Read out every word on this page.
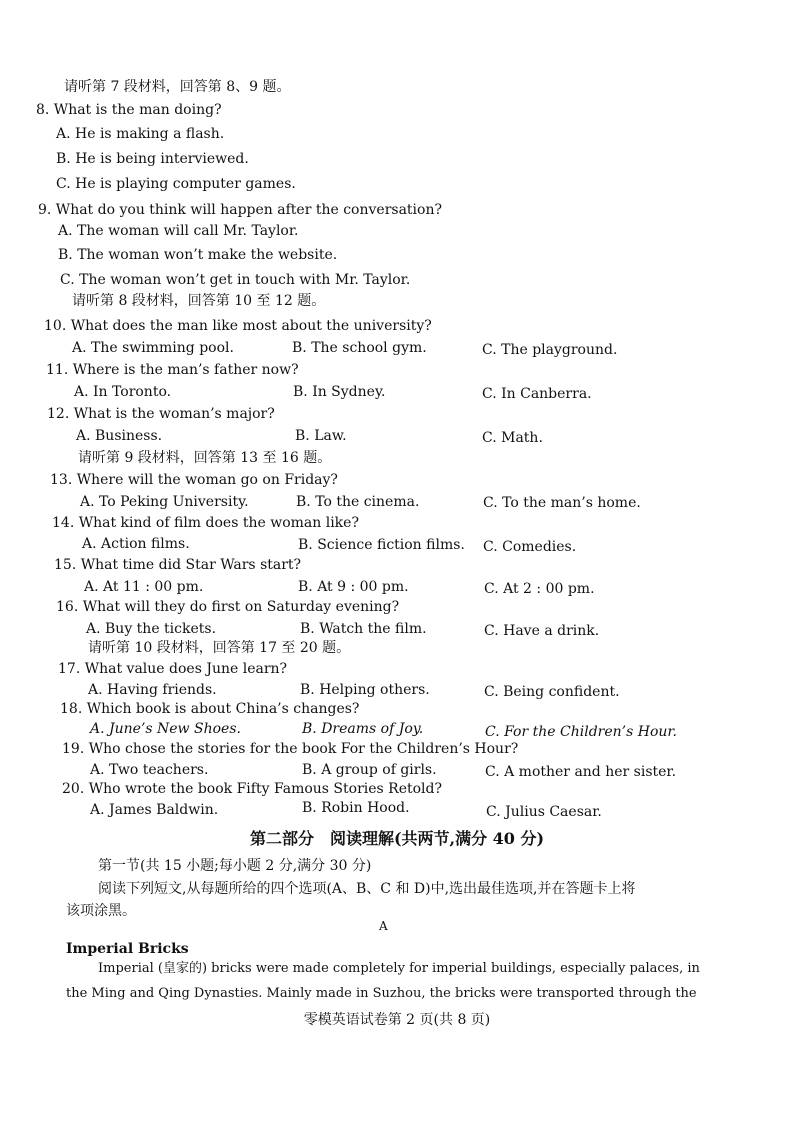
请听第 7 段材料，回答第 8、9 题。
8. What is the man doing?
A. He is making a flash.
B. He is being interviewed.
C. He is playing computer games.
9. What do you think will happen after the conversation?
A. The woman will call Mr. Taylor.
B. The woman won’t make the website.
C. The woman won’t get in touch with Mr. Taylor.
请听第 8 段材料，回答第 10 至 12 题。
10. What does the man like most about the university?
A. The swimming pool.	B. The school gym.	C. The playground.
11. Where is the man’s father now?
A. In Toronto.	B. In Sydney.	C. In Canberra.
12. What is the woman’s major?
A. Business.	B. Law.	C. Math.
请听第 9 段材料，回答第 13 至 16 题。
13. Where will the woman go on Friday?
A. To Peking University.	B. To the cinema.	C. To the man’s home.
14. What kind of film does the woman like?
A. Action films.	B. Science fiction films. C. Comedies.
15. What time did Star Wars start?
A. At 11 : 00 pm.	B. At 9 : 00 pm.	C. At 2 : 00 pm.
16. What will they do first on Saturday evening?
A. Buy the tickets.	B. Watch the film.	C. Have a drink.
请听第 10 段材料，回答第 17 至 20 题。
17. What value does June learn?
A. Having friends.	B. Helping others.	C. Being confident.
18. Which book is about China’s changes?
A. June’s New Shoes.	B. Dreams of Joy.	C. For the Children’s Hour.
19. Who chose the stories for the book For the Children’s Hour?
A. Two teachers.	B. A group of girls.	C. A mother and her sister.
20. Who wrote the book Fifty Famous Stories Retold?
A. James Baldwin.	B. Robin Hood.	C. Julius Caesar.
第二部分　阅读理解(共两节,满分 40 分)
第一节(共 15 小题;每小题 2 分,满分 30 分)
阅读下列短文,从每题所给的四个选项(A、B、C 和 D)中,选出最佳选项,并在答题卡上将
该项涂黑。
A
Imperial Bricks
Imperial (皇家的) bricks were made completely for imperial buildings, especially palaces, in
the Ming and Qing Dynasties. Mainly made in Suzhou, the bricks were transported through the
零模英语试卷第 2 页(共 8 页)
